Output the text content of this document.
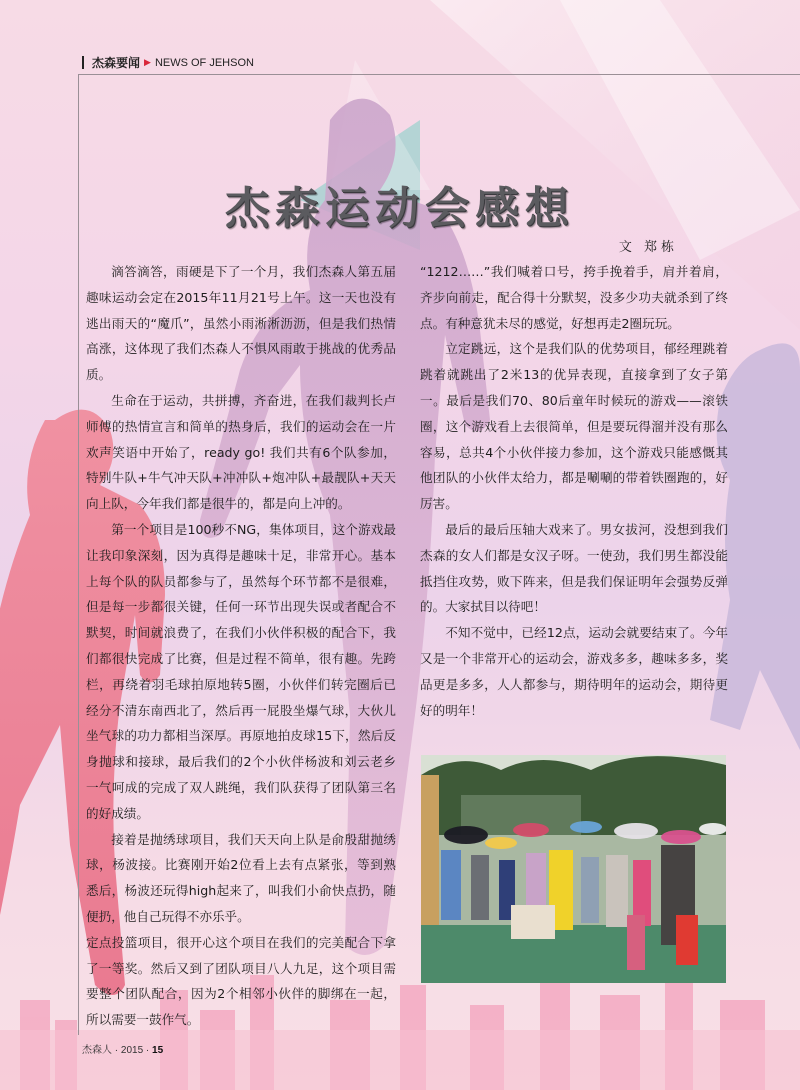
杰森要闻 ▶ NEWS OF JEHSON
杰森运动会感想
文 郑栋

滴答滴答，雨硬是下了一个月，我们杰森人第五届趣味运动会定在2015年11月21号上午。这一天也没有逃出雨天的“魔爪”，虽然小雨淅淅沥沥，但是我们热情高涨，这体现了我们杰森人不惧风雨敢于挑战的优秀品质。

生命在于运动，共拼搏，齐奋进，在我们裁判长卢师傅的热情宣言和简单的热身后，我们的运动会在一片欢声笑语中开始了，ready go! 我们共有6个队参加，特别牛队+牛气冲天队+冲冲队+炮冲队+最靓队+天天向上队，今年我们都是很牛的，都是向上冲的。

第一个项目是100秒不NG，集体项目，这个游戏最让我印象深刻，因为真得是趣味十足，非常开心。基本上每个队的队员都参与了，虽然每个环节都不是很难，但是每一步都很关键，任何一环节出现失误或者配合不默契，时间就浪费了，在我们小伙伴积极的配合下，我们都很快完成了比赛，但是过程不简单，很有趣。先跨栏，再绕着羽毛球拍原地转5圈，小伙伴们转完圈后已经分不清东南西北了，然后再一屁股坐爆气球，大伙儿坐气球的功力都相当深厚。再原地拍皮球15下，然后反身抛球和接球，最后我们的2个小伙伴杨波和刘云老乡一气呵成的完成了双人跳绳，我们队获得了团队第三名的好成绩。

接着是抛绣球项目，我们天天向上队是俞殷甜抛绣球，杨波接。比赛刚开始2位看上去有点紧张，等到熟悉后，杨波还玩得high起来了，叫我们小俞快点扔，随便扔，他自己玩得不亦乐乎。

定点投篮项目，很开心这个项目在我们的完美配合下拿了一等奖。然后又到了团队项目八人九足，这个项目需要整个团队配合，因为2个相邻小伙伴的脚绑在一起，所以需要一鼓作气。

“1212……”我们喊着口号，挎手挽着手，肩并着肩，齐步向前走，配合得十分默契，没多少功夫就杀到了终点。有种意犹未尽的感觉，好想再走2圈玩玩。

立定跳远，这个是我们队的优势项目，郁经理跳着跳着就跳出了2米13的优异表现，直接拿到了女子第一。最后是我们70、80后童年时候玩的游戏——滚铁圈，这个游戏看上去很简单，但是要玩得溜并没有那么容易，总共4个小伙伴接力参加，这个游戏只能感慨其他团队的小伙伴太给力，都是唰唰的带着铁圈跑的，好厉害。

最后的最后压轴大戏来了。男女拔河，没想到我们杰森的女人们都是女汉子呀。一使劲，我们男生都没能抵挡住攻势，败下阵来，但是我们保证明年会强势反弹的。大家拭目以待吧！

不知不觉中，已经12点，运动会就要结束了。今年又是一个非常开心的运动会，游戏多多，趣味多多，奖品更是多多，人人都参与，期待明年的运动会，期待更好的明年！

杰森人 · 2015 · 15
